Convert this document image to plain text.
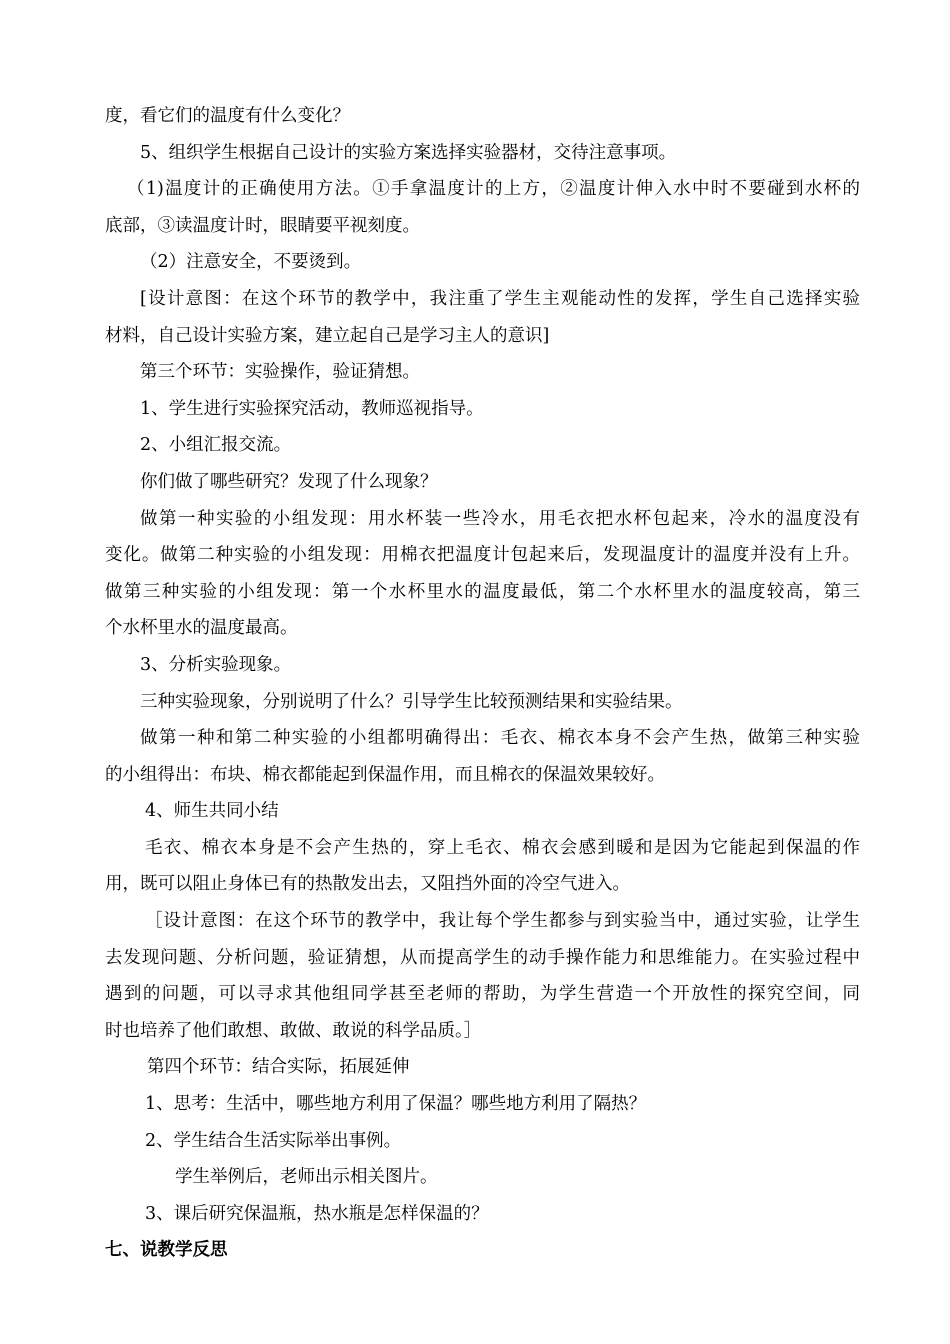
度，看它们的温度有什么变化？
5、组织学生根据自己设计的实验方案选择实验器材，交待注意事项。
（1)温度计的正确使用方法。①手拿温度计的上方，②温度计伸入水中时不要碰到水杯的
底部，③读温度计时，眼睛要平视刻度。
（2）注意安全，不要烫到。
[设计意图：在这个环节的教学中，我注重了学生主观能动性的发挥，学生自己选择实验
材料，自己设计实验方案，建立起自己是学习主人的意识]
第三个环节：实验操作，验证猜想。
1、学生进行实验探究活动，教师巡视指导。
2、小组汇报交流。
你们做了哪些研究？发现了什么现象？
做第一种实验的小组发现：用水杯装一些冷水，用毛衣把水杯包起来，冷水的温度没有
变化。做第二种实验的小组发现：用棉衣把温度计包起来后，发现温度计的温度并没有上升。
做第三种实验的小组发现：第一个水杯里水的温度最低，第二个水杯里水的温度较高，第三
个水杯里水的温度最高。
3、分析实验现象。
三种实验现象，分别说明了什么？引导学生比较预测结果和实验结果。
做第一种和第二种实验的小组都明确得出：毛衣、棉衣本身不会产生热，做第三种实验
的小组得出：布块、棉衣都能起到保温作用，而且棉衣的保温效果较好。
4、师生共同小结
毛衣、棉衣本身是不会产生热的，穿上毛衣、棉衣会感到暖和是因为它能起到保温的作
用，既可以阻止身体已有的热散发出去，又阻挡外面的冷空气进入。
［设计意图：在这个环节的教学中，我让每个学生都参与到实验当中，通过实验，让学生
去发现问题、分析问题，验证猜想，从而提高学生的动手操作能力和思维能力。在实验过程中
遇到的问题，可以寻求其他组同学甚至老师的帮助，为学生营造一个开放性的探究空间，同
时也培养了他们敢想、敢做、敢说的科学品质。］
第四个环节：结合实际，拓展延伸
1、思考：生活中，哪些地方利用了保温？哪些地方利用了隔热？
2、学生结合生活实际举出事例。
学生举例后，老师出示相关图片。
3、课后研究保温瓶，热水瓶是怎样保温的？
七、说教学反思
